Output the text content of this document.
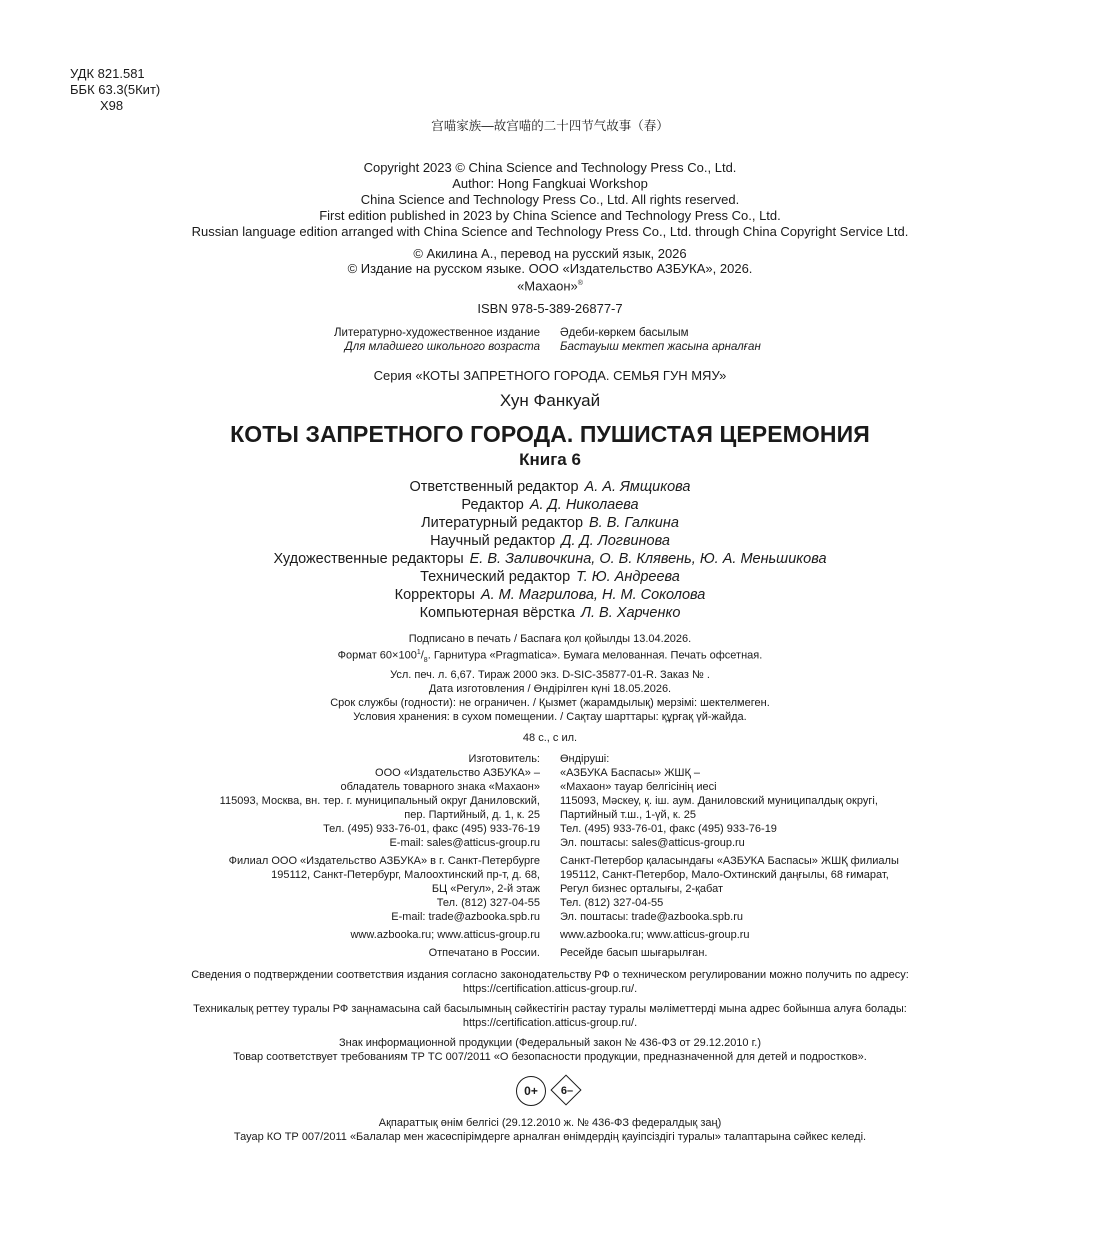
УДК 821.581
ББК 63.3(5Кит)
Х98
宫喵家族—故宫喵的二十四节气故事（春）
Copyright 2023 © China Science and Technology Press Co., Ltd.
Author: Hong Fangkuai Workshop
China Science and Technology Press Co., Ltd. All rights reserved.
First edition published in 2023 by China Science and Technology Press Co., Ltd.
Russian language edition arranged with China Science and Technology Press Co., Ltd. through China Copyright Service Ltd.
© Акилина А., перевод на русский язык, 2026
© Издание на русском языке. ООО «Издательство АЗБУКА», 2026.
«Махаон»®
ISBN 978-5-389-26877-7
Литературно-художественное издание
Для младшего школьного возраста
Әдеби-көркем басылым
Бастауыш мектеп жасына арналған
Серия «КОТЫ ЗАПРЕТНОГО ГОРОДА. СЕМЬЯ ГУН МЯУ»
Хун Фанкуай
КОТЫ ЗАПРЕТНОГО ГОРОДА. ПУШИСТАЯ ЦЕРЕМОНИЯ
Книга 6
Ответственный редактор А. А. Ямщикова
Редактор А. Д. Николаева
Литературный редактор В. В. Галкина
Научный редактор Д. Д. Логвинова
Художественные редакторы Е. В. Заливочкина, О. В. Клявень, Ю. А. Меньшикова
Технический редактор Т. Ю. Андреева
Корректоры А. М. Магрилова, Н. М. Соколова
Компьютерная вёрстка Л. В. Харченко
Подписано в печать / Баспаға қол қойылды 13.04.2026.
Формат $60\times 100^1/_8$. Гарнитура «Pragmatica». Бумага мелованная. Печать офсетная.
Усл. печ. л. 6,67. Тираж 2000 экз. D-SIC-35877-01-R. Заказ № .
Дата изготовления / Өндірілген күні 18.05.2026.
Срок службы (годности): не ограничен. / Қызмет (жарамдылық) мерзімі: шектелмеген.
Условия хранения: в сухом помещении. / Сақтау шарттары: құрғақ үй-жайда.
48 с., с ил.
Изготовитель:
ООО «Издательство АЗБУКА» –
обладатель товарного знака «Махаон»
115093, Москва, вн. тер. г. муниципальный округ Даниловский,
пер. Партийный, д. 1, к. 25
Тел. (495) 933-76-01, факс (495) 933-76-19
E-mail: sales@atticus-group.ru
Филиал ООО «Издательство АЗБУКА» в г. Санкт-Петербурге
195112, Санкт-Петербург, Малоохтинский пр-т, д. 68,
БЦ «Регул», 2-й этаж
Тел. (812) 327-04-55
E-mail: trade@azbooka.spb.ru
www.azbooka.ru; www.atticus-group.ru
Отпечатано в России.
Өндіруші:
«АЗБУКА Баспасы» ЖШҚ –
«Махаон» тауар белгісінің иесі
115093, Мәскеу, қ. іш. аум. Даниловский муниципалдық округі,
Партийный т.ш., 1-үй, к. 25
Тел. (495) 933-76-01, факс (495) 933-76-19
Эл. поштасы: sales@atticus-group.ru
Санкт-Петербор қаласындағы «АЗБУКА Баспасы» ЖШҚ филиалы
195112, Санкт-Петербор, Мало-Охтинский даңғылы, 68 ғимарат,
Регул бизнес орталығы, 2-қабат
Тел. (812) 327-04-55
Эл. поштасы: trade@azbooka.spb.ru
www.azbooka.ru; www.atticus-group.ru
Ресейде басып шығарылған.
Сведения о подтверждении соответствия издания согласно законодательству РФ о техническом регулировании можно получить по адресу:
https://certification.atticus-group.ru/.
Техникалық реттеу туралы РФ заңнамасына сай басылымның сәйкестігін растау туралы мәліметтерді мына адрес бойынша алуға болады:
https://certification.atticus-group.ru/.
Знак информационной продукции (Федеральный закон № 436-ФЗ от 29.12.2010 г.)
Товар соответствует требованиям ТР ТС 007/2011 «О безопасности продукции, предназначенной для детей и подростков».
0+	6–
Ақпараттық өнім белгісі (29.12.2010 ж. № 436-ФЗ федералдық заң)
Тауар КО ТР 007/2011 «Балалар мен жасөспірімдерге арналған өнімдердің қауіпсіздігі туралы» талаптарына сәйкес келеді.
